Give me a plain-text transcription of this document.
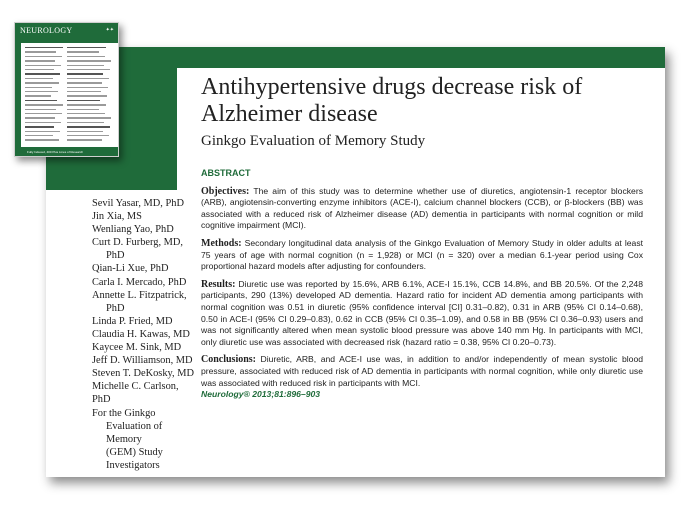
Antihypertensive drugs decrease risk of Alzheimer disease
Ginkgo Evaluation of Memory Study
Sevil Yasar, MD, PhD
Jin Xia, MS
Wenliang Yao, PhD
Curt D. Furberg, MD,
PhD
Qian-Li Xue, PhD
Carla I. Mercado, PhD
Annette L. Fitzpatrick,
PhD
Linda P. Fried, MD
Claudia H. Kawas, MD
Kaycee M. Sink, MD
Jeff D. Williamson, MD
Steven T. DeKosky, MD
Michelle C. Carlson, PhD
For the Ginkgo
Evaluation of Memory
(GEM) Study
Investigators
ABSTRACT
Objectives: The aim of this study was to determine whether use of diuretics, angiotensin-1 receptor blockers (ARB), angiotensin-converting enzyme inhibitors (ACE-I), calcium channel blockers (CCB), or β-blockers (BB) was associated with a reduced risk of Alzheimer disease (AD) dementia in participants with normal cognition or mild cognitive impairment (MCI).
Methods: Secondary longitudinal data analysis of the Ginkgo Evaluation of Memory Study in older adults at least 75 years of age with normal cognition (n = 1,928) or MCI (n = 320) over a median 6.1-year period using Cox proportional hazard models after adjusting for confounders.
Results: Diuretic use was reported by 15.6%, ARB 6.1%, ACE-I 15.1%, CCB 14.8%, and BB 20.5%. Of the 2,248 participants, 290 (13%) developed AD dementia. Hazard ratio for incident AD dementia among participants with normal cognition was 0.51 in diuretic (95% confidence interval [CI] 0.31–0.82), 0.31 in ARB (95% CI 0.14–0.68), 0.50 in ACE-I (95% CI 0.29–0.83), 0.62 in CCB (95% CI 0.35–1.09), and 0.58 in BB (95% CI 0.36–0.93) users and was not significantly altered when mean systolic blood pressure was above 140 mm Hg. In participants with MCI, only diuretic use was associated with decreased risk (hazard ratio = 0.38, 95% CI 0.20–0.73).
Conclusions: Diuretic, ARB, and ACE-I use was, in addition to and/or independently of mean systolic blood pressure, associated with reduced risk of AD dementia in participants with normal cognition, while only diuretic use was associated with reduced risk in participants with MCI.
Neurology® 2013;81:896–903
NEUROLOGY	✦✦
Fully Indexed, 400 Plus Lines of Research
